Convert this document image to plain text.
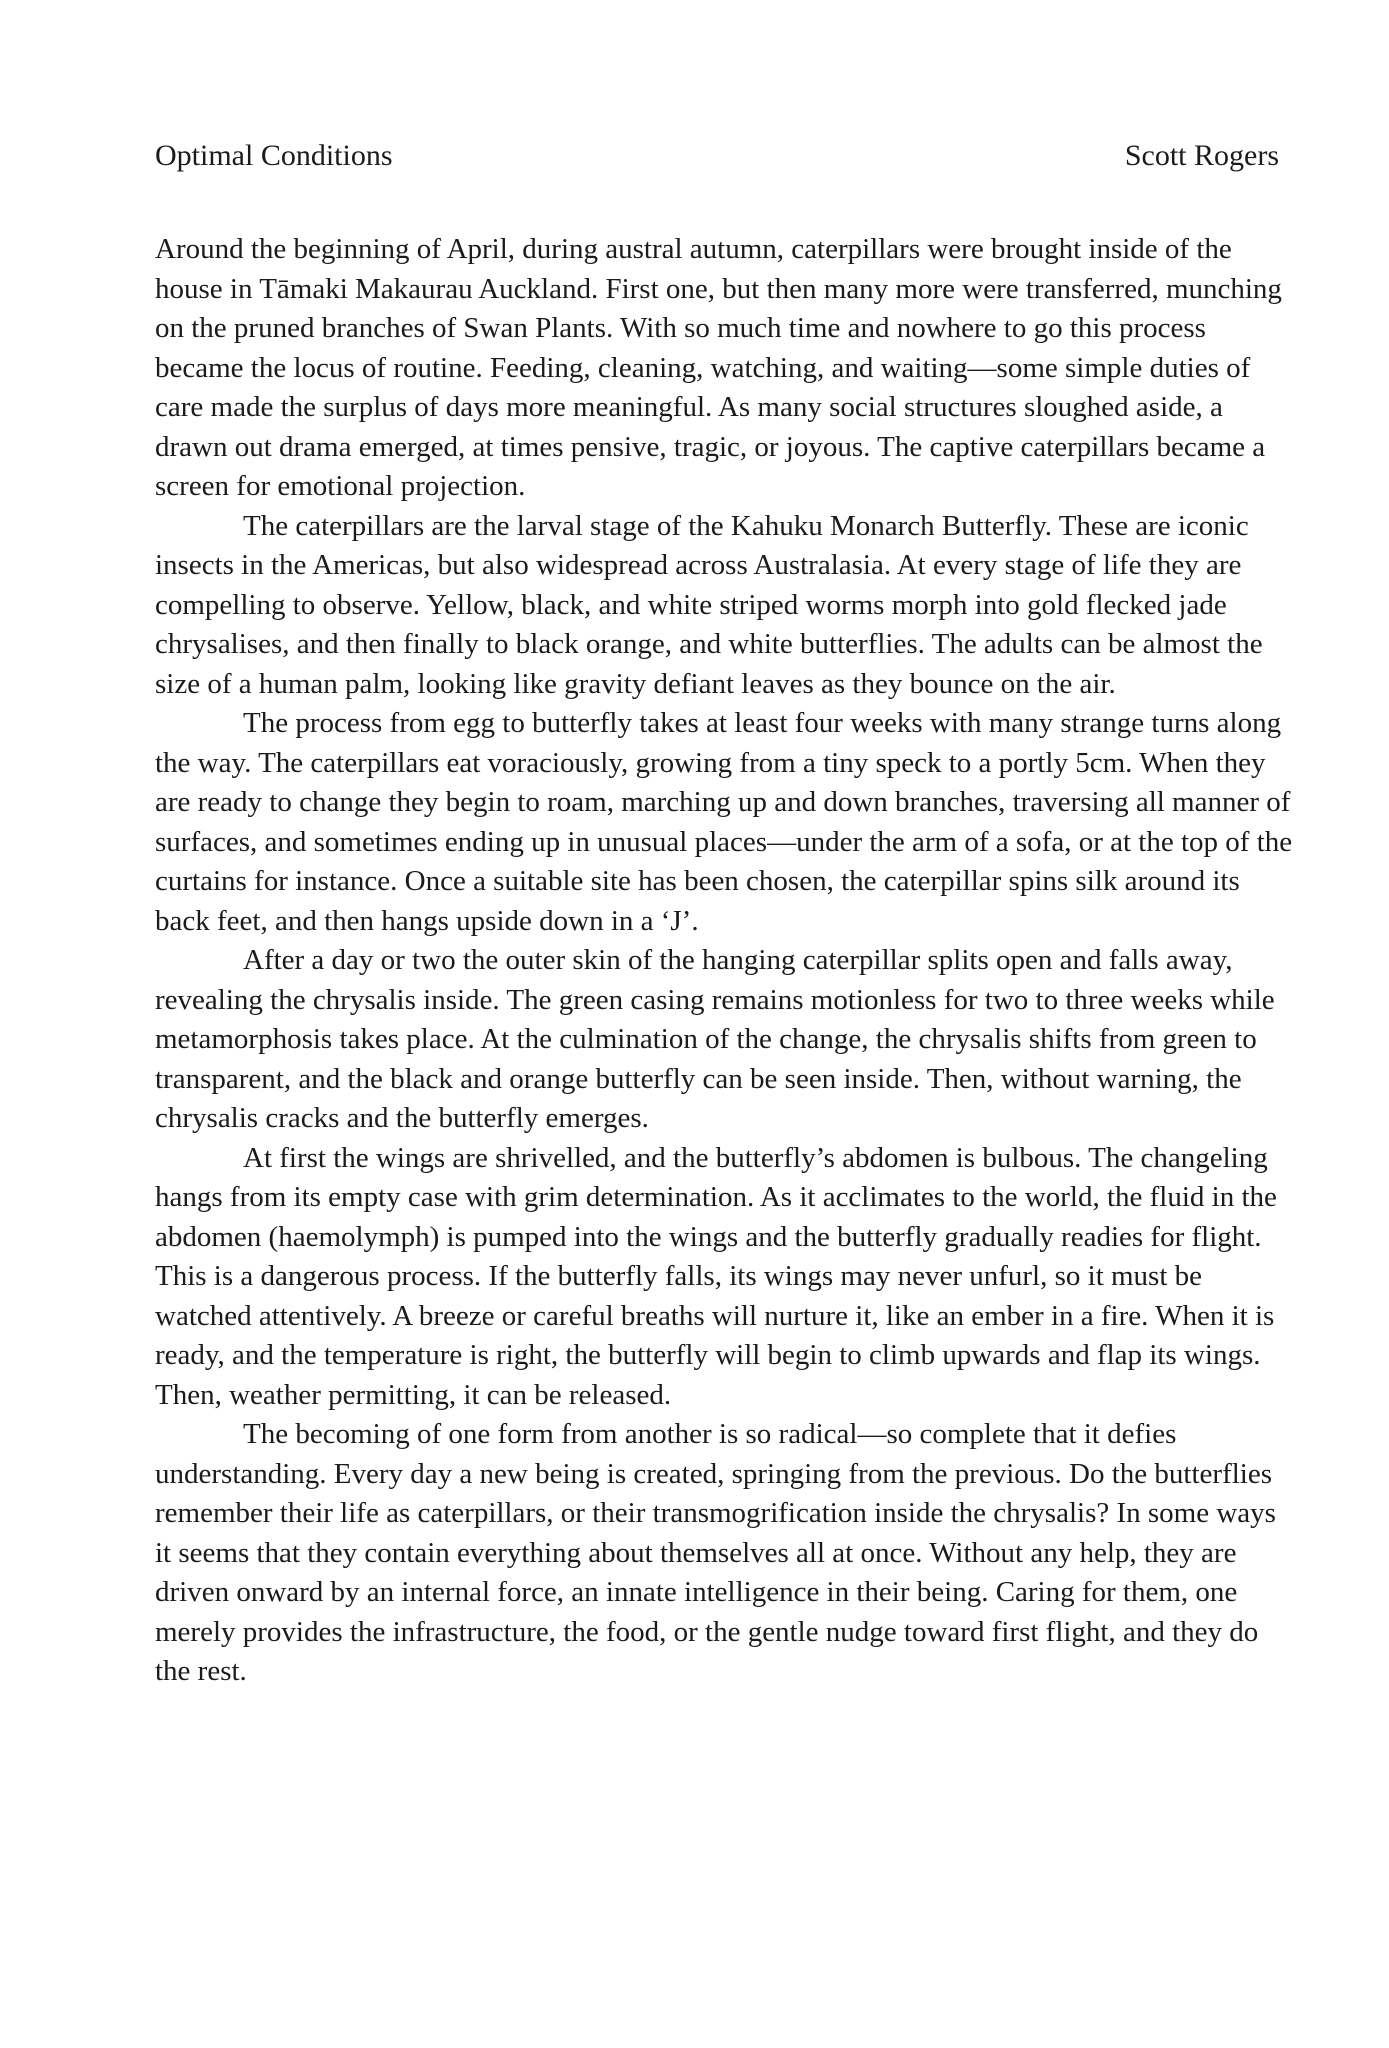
Optimal Conditions	Scott Rogers

Around the beginning of April, during austral autumn, caterpillars were brought inside of the house in Tāmaki Makaurau Auckland. First one, but then many more were transferred, munching on the pruned branches of Swan Plants. With so much time and nowhere to go this process became the locus of routine. Feeding, cleaning, watching, and waiting—some simple duties of care made the surplus of days more meaningful. As many social structures sloughed aside, a drawn out drama emerged, at times pensive, tragic, or joyous. The captive caterpillars became a screen for emotional projection.

The caterpillars are the larval stage of the Kahuku Monarch Butterfly. These are iconic insects in the Americas, but also widespread across Australasia. At every stage of life they are compelling to observe. Yellow, black, and white striped worms morph into gold flecked jade chrysalises, and then finally to black orange, and white butterflies. The adults can be almost the size of a human palm, looking like gravity defiant leaves as they bounce on the air.

The process from egg to butterfly takes at least four weeks with many strange turns along the way. The caterpillars eat voraciously, growing from a tiny speck to a portly 5cm. When they are ready to change they begin to roam, marching up and down branches, traversing all manner of surfaces, and sometimes ending up in unusual places—under the arm of a sofa, or at the top of the curtains for instance. Once a suitable site has been chosen, the caterpillar spins silk around its back feet, and then hangs upside down in a ‘J’.

After a day or two the outer skin of the hanging caterpillar splits open and falls away, revealing the chrysalis inside. The green casing remains motionless for two to three weeks while metamorphosis takes place. At the culmination of the change, the chrysalis shifts from green to transparent, and the black and orange butterfly can be seen inside. Then, without warning, the chrysalis cracks and the butterfly emerges.

At first the wings are shrivelled, and the butterfly’s abdomen is bulbous. The changeling hangs from its empty case with grim determination. As it acclimates to the world, the fluid in the abdomen (haemolymph) is pumped into the wings and the butterfly gradually readies for flight. This is a dangerous process. If the butterfly falls, its wings may never unfurl, so it must be watched attentively. A breeze or careful breaths will nurture it, like an ember in a fire. When it is ready, and the temperature is right, the butterfly will begin to climb upwards and flap its wings. Then, weather permitting, it can be released.

The becoming of one form from another is so radical—so complete that it defies understanding. Every day a new being is created, springing from the previous. Do the butterflies remember their life as caterpillars, or their transmogrification inside the chrysalis? In some ways it seems that they contain everything about themselves all at once. Without any help, they are driven onward by an internal force, an innate intelligence in their being. Caring for them, one merely provides the infrastructure, the food, or the gentle nudge toward first flight, and they do the rest.
